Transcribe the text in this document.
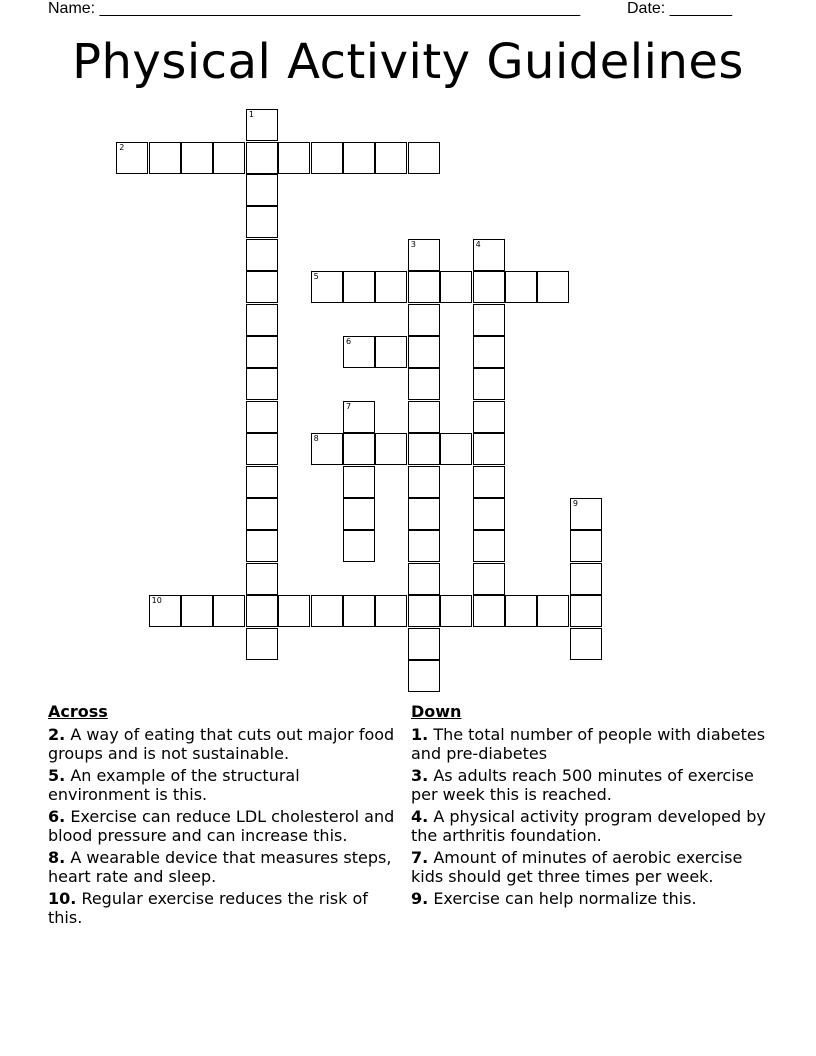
Name: ______________________________________________________	Date: _______
Physical Activity Guidelines
1
2
3	4
5
6
7
8
9
10
Across
2. A way of eating that cuts out major food groups and is not sustainable.
5. An example of the structural environment is this.
6. Exercise can reduce LDL cholesterol and blood pressure and can increase this.
8. A wearable device that measures steps, heart rate and sleep.
10. Regular exercise reduces the risk of this.
Down
1. The total number of people with diabetes and pre-diabetes
3. As adults reach 500 minutes of exercise per week this is reached.
4. A physical activity program developed by the arthritis foundation.
7. Amount of minutes of aerobic exercise kids should get three times per week.
9. Exercise can help normalize this.
